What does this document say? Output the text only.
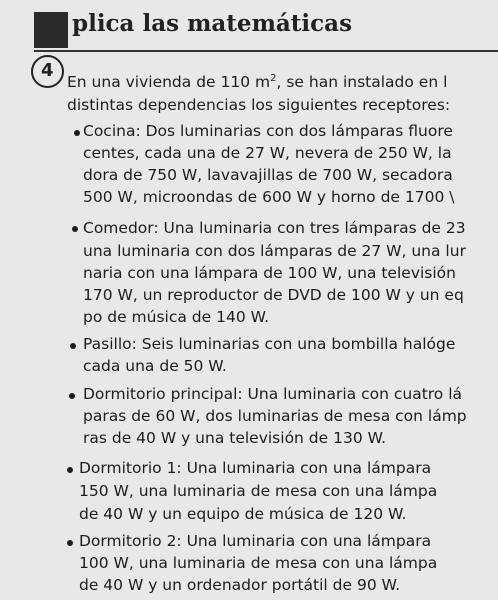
plica las matemáticas
4
En una vivienda de 110 $m^2$, se han instalado en l
distintas dependencias los siguientes receptores:
Cocina: Dos luminarias con dos lámparas fluore
centes, cada una de 27 W, nevera de 250 W, la
dora de 750 W, lavavajillas de 700 W, secadora
500 W, microondas de 600 W y horno de 1700 \
Comedor: Una luminaria con tres lámparas de 23
una luminaria con dos lámparas de 27 W, una lur
naria con una lámpara de 100 W, una televisión
170 W, un reproductor de DVD de 100 W y un eq
po de música de 140 W.
Pasillo: Seis luminarias con una bombilla halóge
cada una de 50 W.
Dormitorio principal: Una luminaria con cuatro lá
paras de 60 W, dos luminarias de mesa con lámp
ras de 40 W y una televisión de 130 W.
Dormitorio 1: Una luminaria con una lámpara
150 W, una luminaria de mesa con una lámpa
de 40 W y un equipo de música de 120 W.
Dormitorio 2: Una luminaria con una lámpara
100 W, una luminaria de mesa con una lámpa
de 40 W y un ordenador portátil de 90 W.
